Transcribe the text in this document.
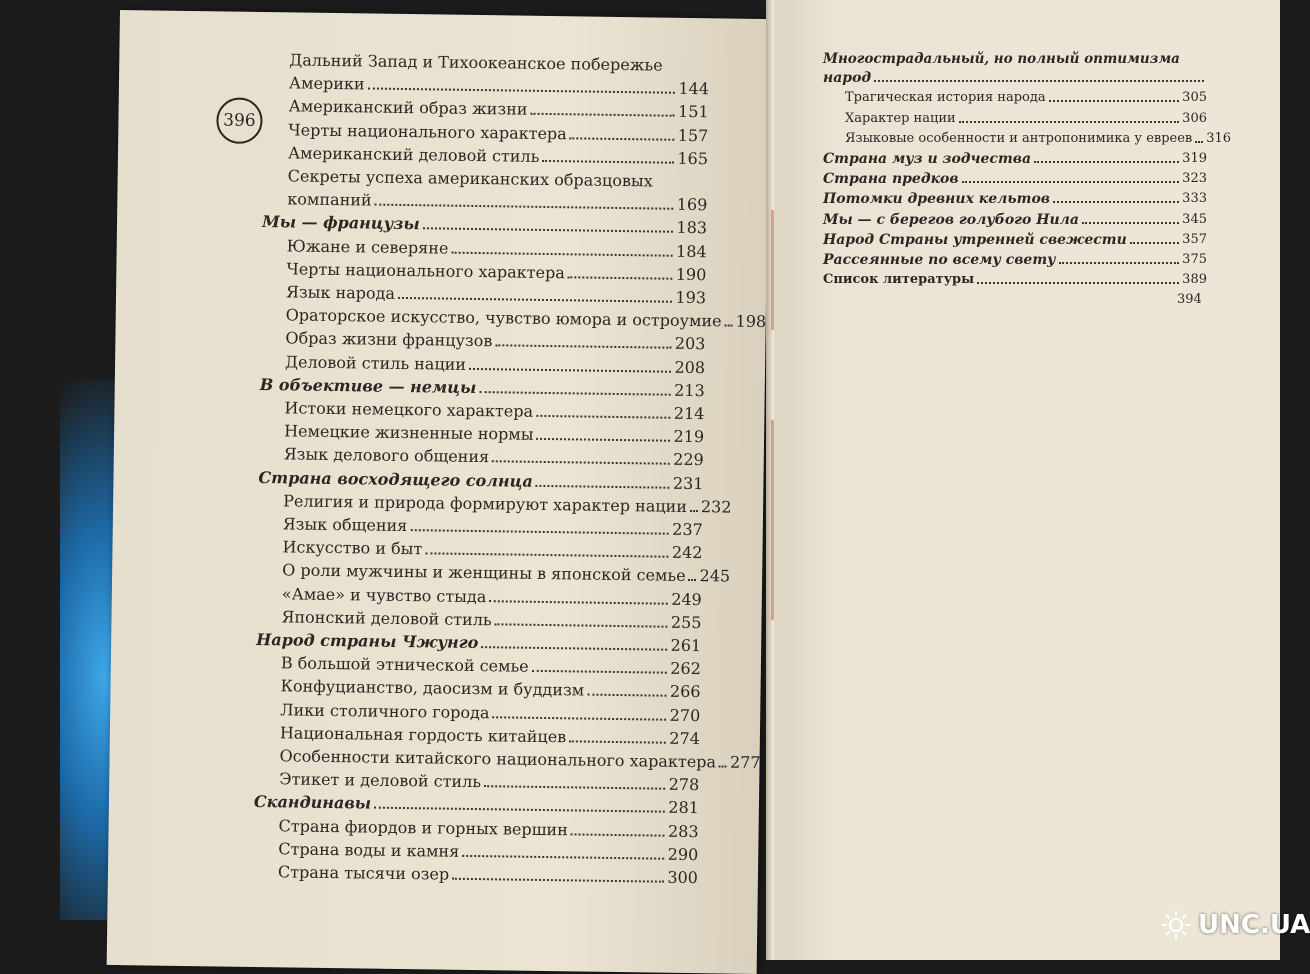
396
Дальний Запад и Тихоокеанское побережье
Америки	144
Американский образ жизни	151
Черты национального характера	157
Американский деловой стиль	165
Секреты успеха американских образцовых
компаний	169
Мы — французы	183
Южане и северяне	184
Черты национального характера	190
Язык народа	193
Ораторское искусство, чувство юмора и остроумие 198
Образ жизни французов	203
Деловой стиль нации	208
В объективе — немцы	213
Истоки немецкого характера	214
Немецкие жизненные нормы	219
Язык делового общения	229
Страна восходящего солнца	231
Религия и природа формируют характер нации 232
Язык общения	237
Искусство и быт	242
О роли мужчины и женщины в японской семье 245
«Амае» и чувство стыда	249
Японский деловой стиль	255
Народ страны Чжунго	261
В большой этнической семье	262
Конфуцианство, даосизм и буддизм	266
Лики столичного города	270
Национальная гордость китайцев	274
Особенности китайского национального характера 277
Этикет и деловой стиль	278
Скандинавы	281
Страна фиордов и горных вершин	283
Страна воды и камня	290
Страна тысячи озер	300
Многострадальный, но полный оптимизма
народ
Трагическая история народа	305
Характер нации	306
Языковые особенности и антропонимика у евреев 316
Страна муз и зодчества	319
Страна предков	323
Потомки древних кельтов	333
Мы — с берегов голубого Нила	345
Народ Страны утренней свежести	357
Рассеянные по всему свету	375
Список литературы	389
394
UNC.UA
